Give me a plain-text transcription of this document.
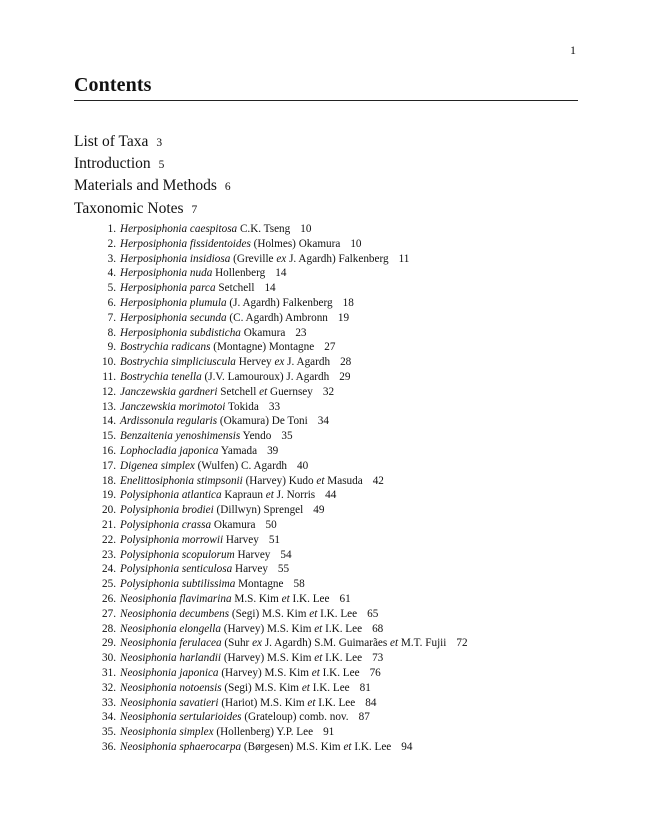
1
Contents
List of Taxa 3
Introduction 5
Materials and Methods 6
Taxonomic Notes 7
1. Herposiphonia caespitosa C.K. Tseng 10
2. Herposiphonia fissidentoides (Holmes) Okamura 10
3. Herposiphonia insidiosa (Greville ex J. Agardh) Falkenberg 11
4. Herposiphonia nuda Hollenberg 14
5. Herposiphonia parca Setchell 14
6. Herposiphonia plumula (J. Agardh) Falkenberg 18
7. Herposiphonia secunda (C. Agardh) Ambronn 19
8. Herposiphonia subdisticha Okamura 23
9. Bostrychia radicans (Montagne) Montagne 27
10. Bostrychia simpliciuscula Hervey ex J. Agardh 28
11. Bostrychia tenella (J.V. Lamouroux) J. Agardh 29
12. Janczewskia gardneri Setchell et Guernsey 32
13. Janczewskia morimotoi Tokida 33
14. Ardissonula regularis (Okamura) De Toni 34
15. Benzaitenia yenoshimensis Yendo 35
16. Lophocladia japonica Yamada 39
17. Digenea simplex (Wulfen) C. Agardh 40
18. Enelittosiphonia stimpsonii (Harvey) Kudo et Masuda 42
19. Polysiphonia atlantica Kapraun et J. Norris 44
20. Polysiphonia brodiei (Dillwyn) Sprengel 49
21. Polysiphonia crassa Okamura 50
22. Polysiphonia morrowii Harvey 51
23. Polysiphonia scopulorum Harvey 54
24. Polysiphonia senticulosa Harvey 55
25. Polysiphonia subtilissima Montagne 58
26. Neosiphonia flavimarina M.S. Kim et I.K. Lee 61
27. Neosiphonia decumbens (Segi) M.S. Kim et I.K. Lee 65
28. Neosiphonia elongella (Harvey) M.S. Kim et I.K. Lee 68
29. Neosiphonia ferulacea (Suhr ex J. Agardh) S.M. Guimarães et M.T. Fujii 72
30. Neosiphonia harlandii (Harvey) M.S. Kim et I.K. Lee 73
31. Neosiphonia japonica (Harvey) M.S. Kim et I.K. Lee 76
32. Neosiphonia notoensis (Segi) M.S. Kim et I.K. Lee 81
33. Neosiphonia savatieri (Hariot) M.S. Kim et I.K. Lee 84
34. Neosiphonia sertularioides (Grateloup) comb. nov. 87
35. Neosiphonia simplex (Hollenberg) Y.P. Lee 91
36. Neosiphonia sphaerocarpa (Børgesen) M.S. Kim et I.K. Lee 94
